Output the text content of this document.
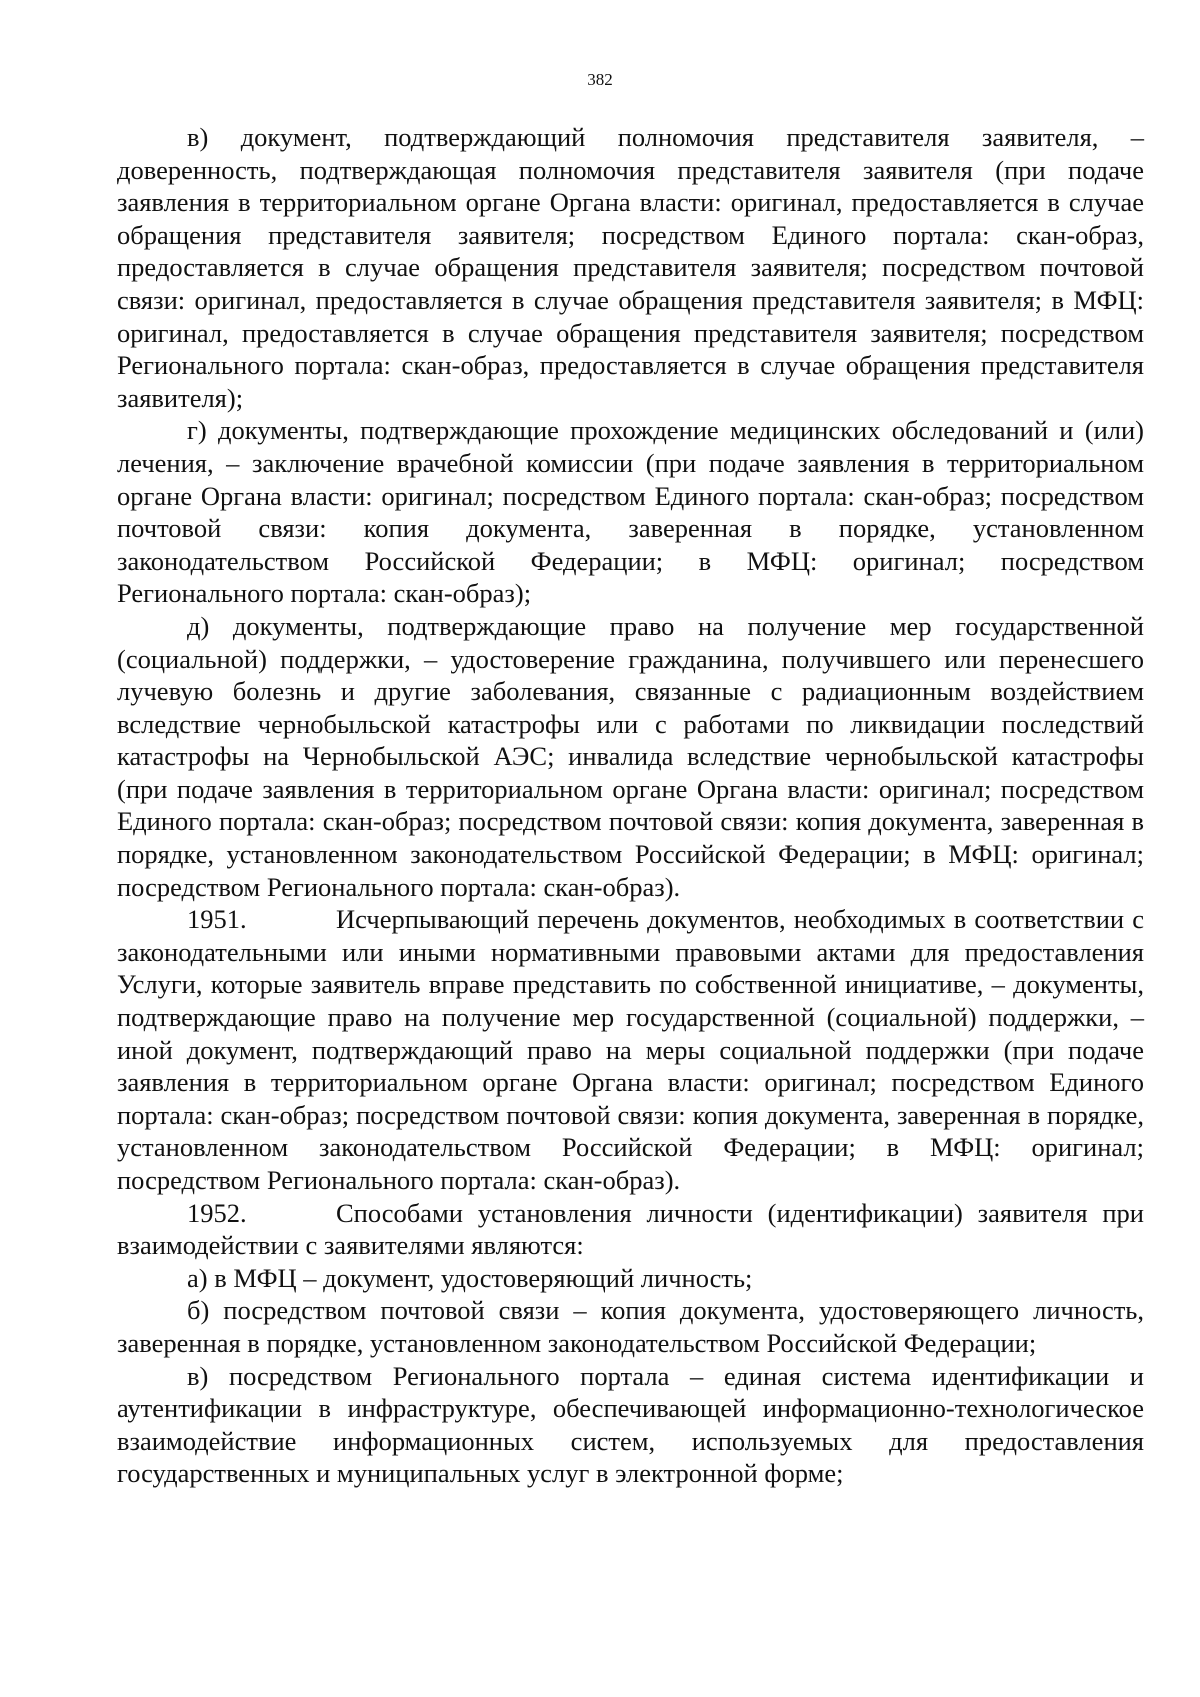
382

в) документ, подтверждающий полномочия представителя заявителя, – доверенность, подтверждающая полномочия представителя заявителя (при подаче заявления в территориальном органе Органа власти: оригинал, предоставляется в случае обращения представителя заявителя; посредством Единого портала: скан-образ, предоставляется в случае обращения представителя заявителя; посредством почтовой связи: оригинал, предоставляется в случае обращения представителя заявителя; в МФЦ: оригинал, предоставляется в случае обращения представителя заявителя; посредством Регионального портала: скан-образ, предоставляется в случае обращения представителя заявителя);

г) документы, подтверждающие прохождение медицинских обследований и (или) лечения, – заключение врачебной комиссии (при подаче заявления в территориальном органе Органа власти: оригинал; посредством Единого портала: скан-образ; посредством почтовой связи: копия документа, заверенная в порядке, установленном законодательством Российской Федерации; в МФЦ: оригинал; посредством Регионального портала: скан-образ);

д) документы, подтверждающие право на получение мер государственной (социальной) поддержки, – удостоверение гражданина, получившего или перенесшего лучевую болезнь и другие заболевания, связанные с радиационным воздействием вследствие чернобыльской катастрофы или с работами по ликвидации последствий катастрофы на Чернобыльской АЭС; инвалида вследствие чернобыльской катастрофы (при подаче заявления в территориальном органе Органа власти: оригинал; посредством Единого портала: скан-образ; посредством почтовой связи: копия документа, заверенная в порядке, установленном законодательством Российской Федерации; в МФЦ: оригинал; посредством Регионального портала: скан-образ).

1951.	Исчерпывающий перечень документов, необходимых в соответствии с законодательными или иными нормативными правовыми актами для предоставления Услуги, которые заявитель вправе представить по собственной инициативе, – документы, подтверждающие право на получение мер государственной (социальной) поддержки, – иной документ, подтверждающий право на меры социальной поддержки (при подаче заявления в территориальном органе Органа власти: оригинал; посредством Единого портала: скан-образ; посредством почтовой связи: копия документа, заверенная в порядке, установленном законодательством Российской Федерации; в МФЦ: оригинал; посредством Регионального портала: скан-образ).

1952.	Способами установления личности (идентификации) заявителя при взаимодействии с заявителями являются:

а) в МФЦ – документ, удостоверяющий личность;

б) посредством почтовой связи – копия документа, удостоверяющего личность, заверенная в порядке, установленном законодательством Российской Федерации;

в) посредством Регионального портала – единая система идентификации и аутентификации в инфраструктуре, обеспечивающей информационно-технологическое взаимодействие информационных систем, используемых для предоставления государственных и муниципальных услуг в электронной форме;
